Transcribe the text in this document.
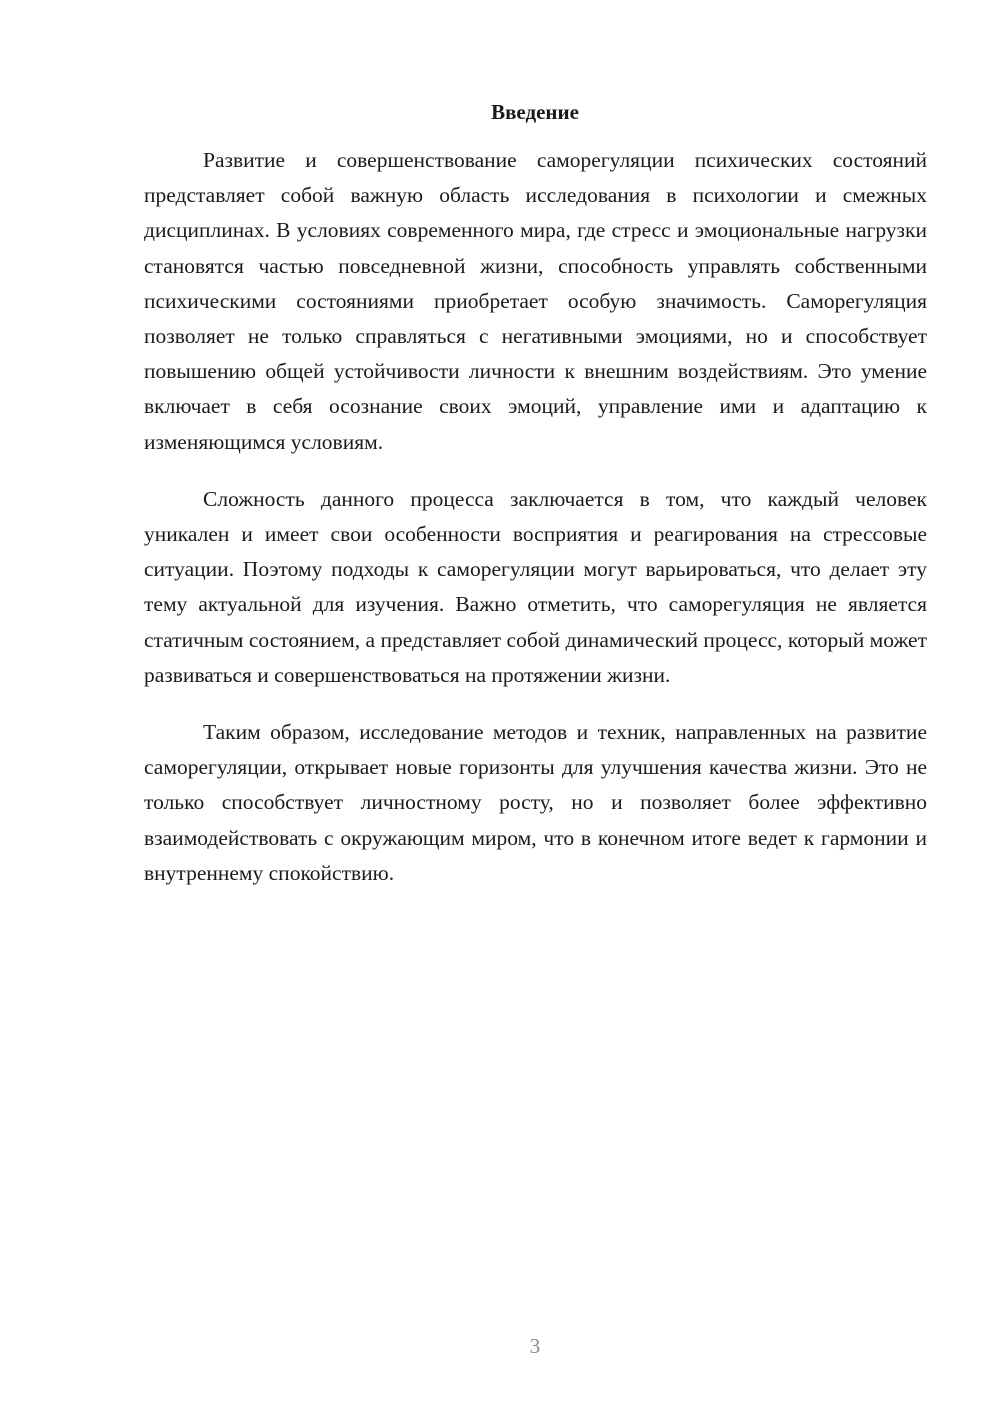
Введение

Развитие и совершенствование саморегуляции психических состояний представляет собой важную область исследования в психологии и смежных дисциплинах. В условиях современного мира, где стресс и эмоциональные нагрузки становятся частью повседневной жизни, способность управлять собственными психическими состояниями приобретает особую значимость. Саморегуляция позволяет не только справляться с негативными эмоциями, но и способствует повышению общей устойчивости личности к внешним воздействиям. Это умение включает в себя осознание своих эмоций, управление ими и адаптацию к изменяющимся условиям.

Сложность данного процесса заключается в том, что каждый человек уникален и имеет свои особенности восприятия и реагирования на стрессовые ситуации. Поэтому подходы к саморегуляции могут варьироваться, что делает эту тему актуальной для изучения. Важно отметить, что саморегуляция не является статичным состоянием, а представляет собой динамический процесс, который может развиваться и совершенствоваться на протяжении жизни.

Таким образом, исследование методов и техник, направленных на развитие саморегуляции, открывает новые горизонты для улучшения качества жизни. Это не только способствует личностному росту, но и позволяет более эффективно взаимодействовать с окружающим миром, что в конечном итоге ведет к гармонии и внутреннему спокойствию.

3
